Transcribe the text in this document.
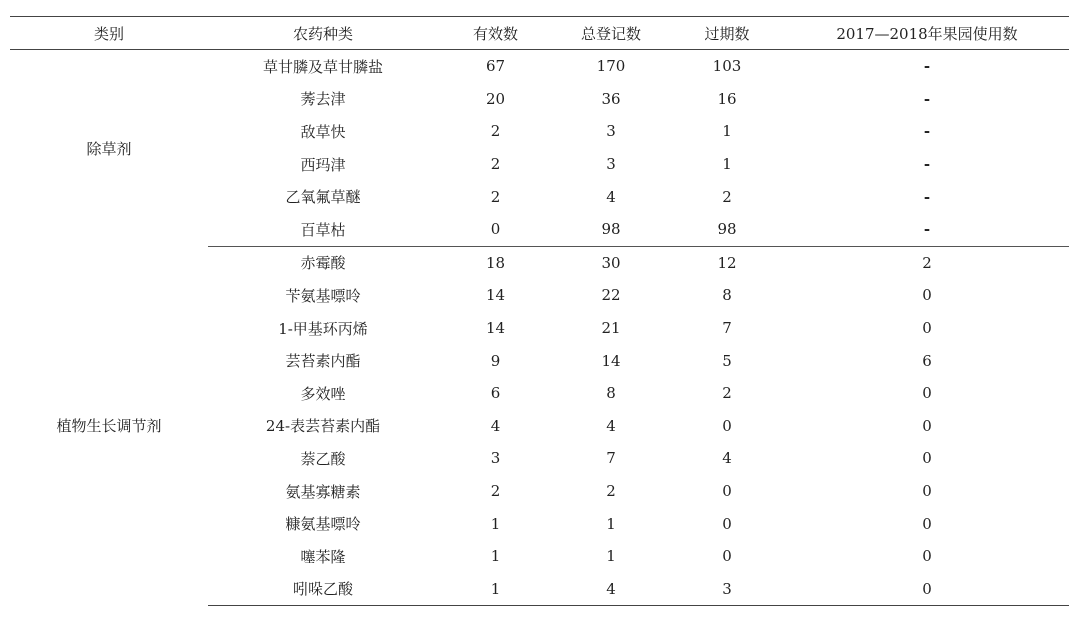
类别	农药种类	有效数	总登记数	过期数	2017—2018年果园使用数
除草剂	草甘膦及草甘膦盐	67	170	103	-
	莠去津	20	36	16	-
	敌草快	2	3	1	-
	西玛津	2	3	1	-
	乙氧氟草醚	2	4	2	-
	百草枯	0	98	98	-
植物生长调节剂	赤霉酸	18	30	12	2
	苄氨基嘌呤	14	22	8	0
	1-甲基环丙烯	14	21	7	0
	芸苔素内酯	9	14	5	6
	多效唑	6	8	2	0
	24-表芸苔素内酯	4	4	0	0
	萘乙酸	3	7	4	0
	氨基寡糖素	2	2	0	0
	糠氨基嘌呤	1	1	0	0
	噻苯隆	1	1	0	0
	吲哚乙酸	1	4	3	0
